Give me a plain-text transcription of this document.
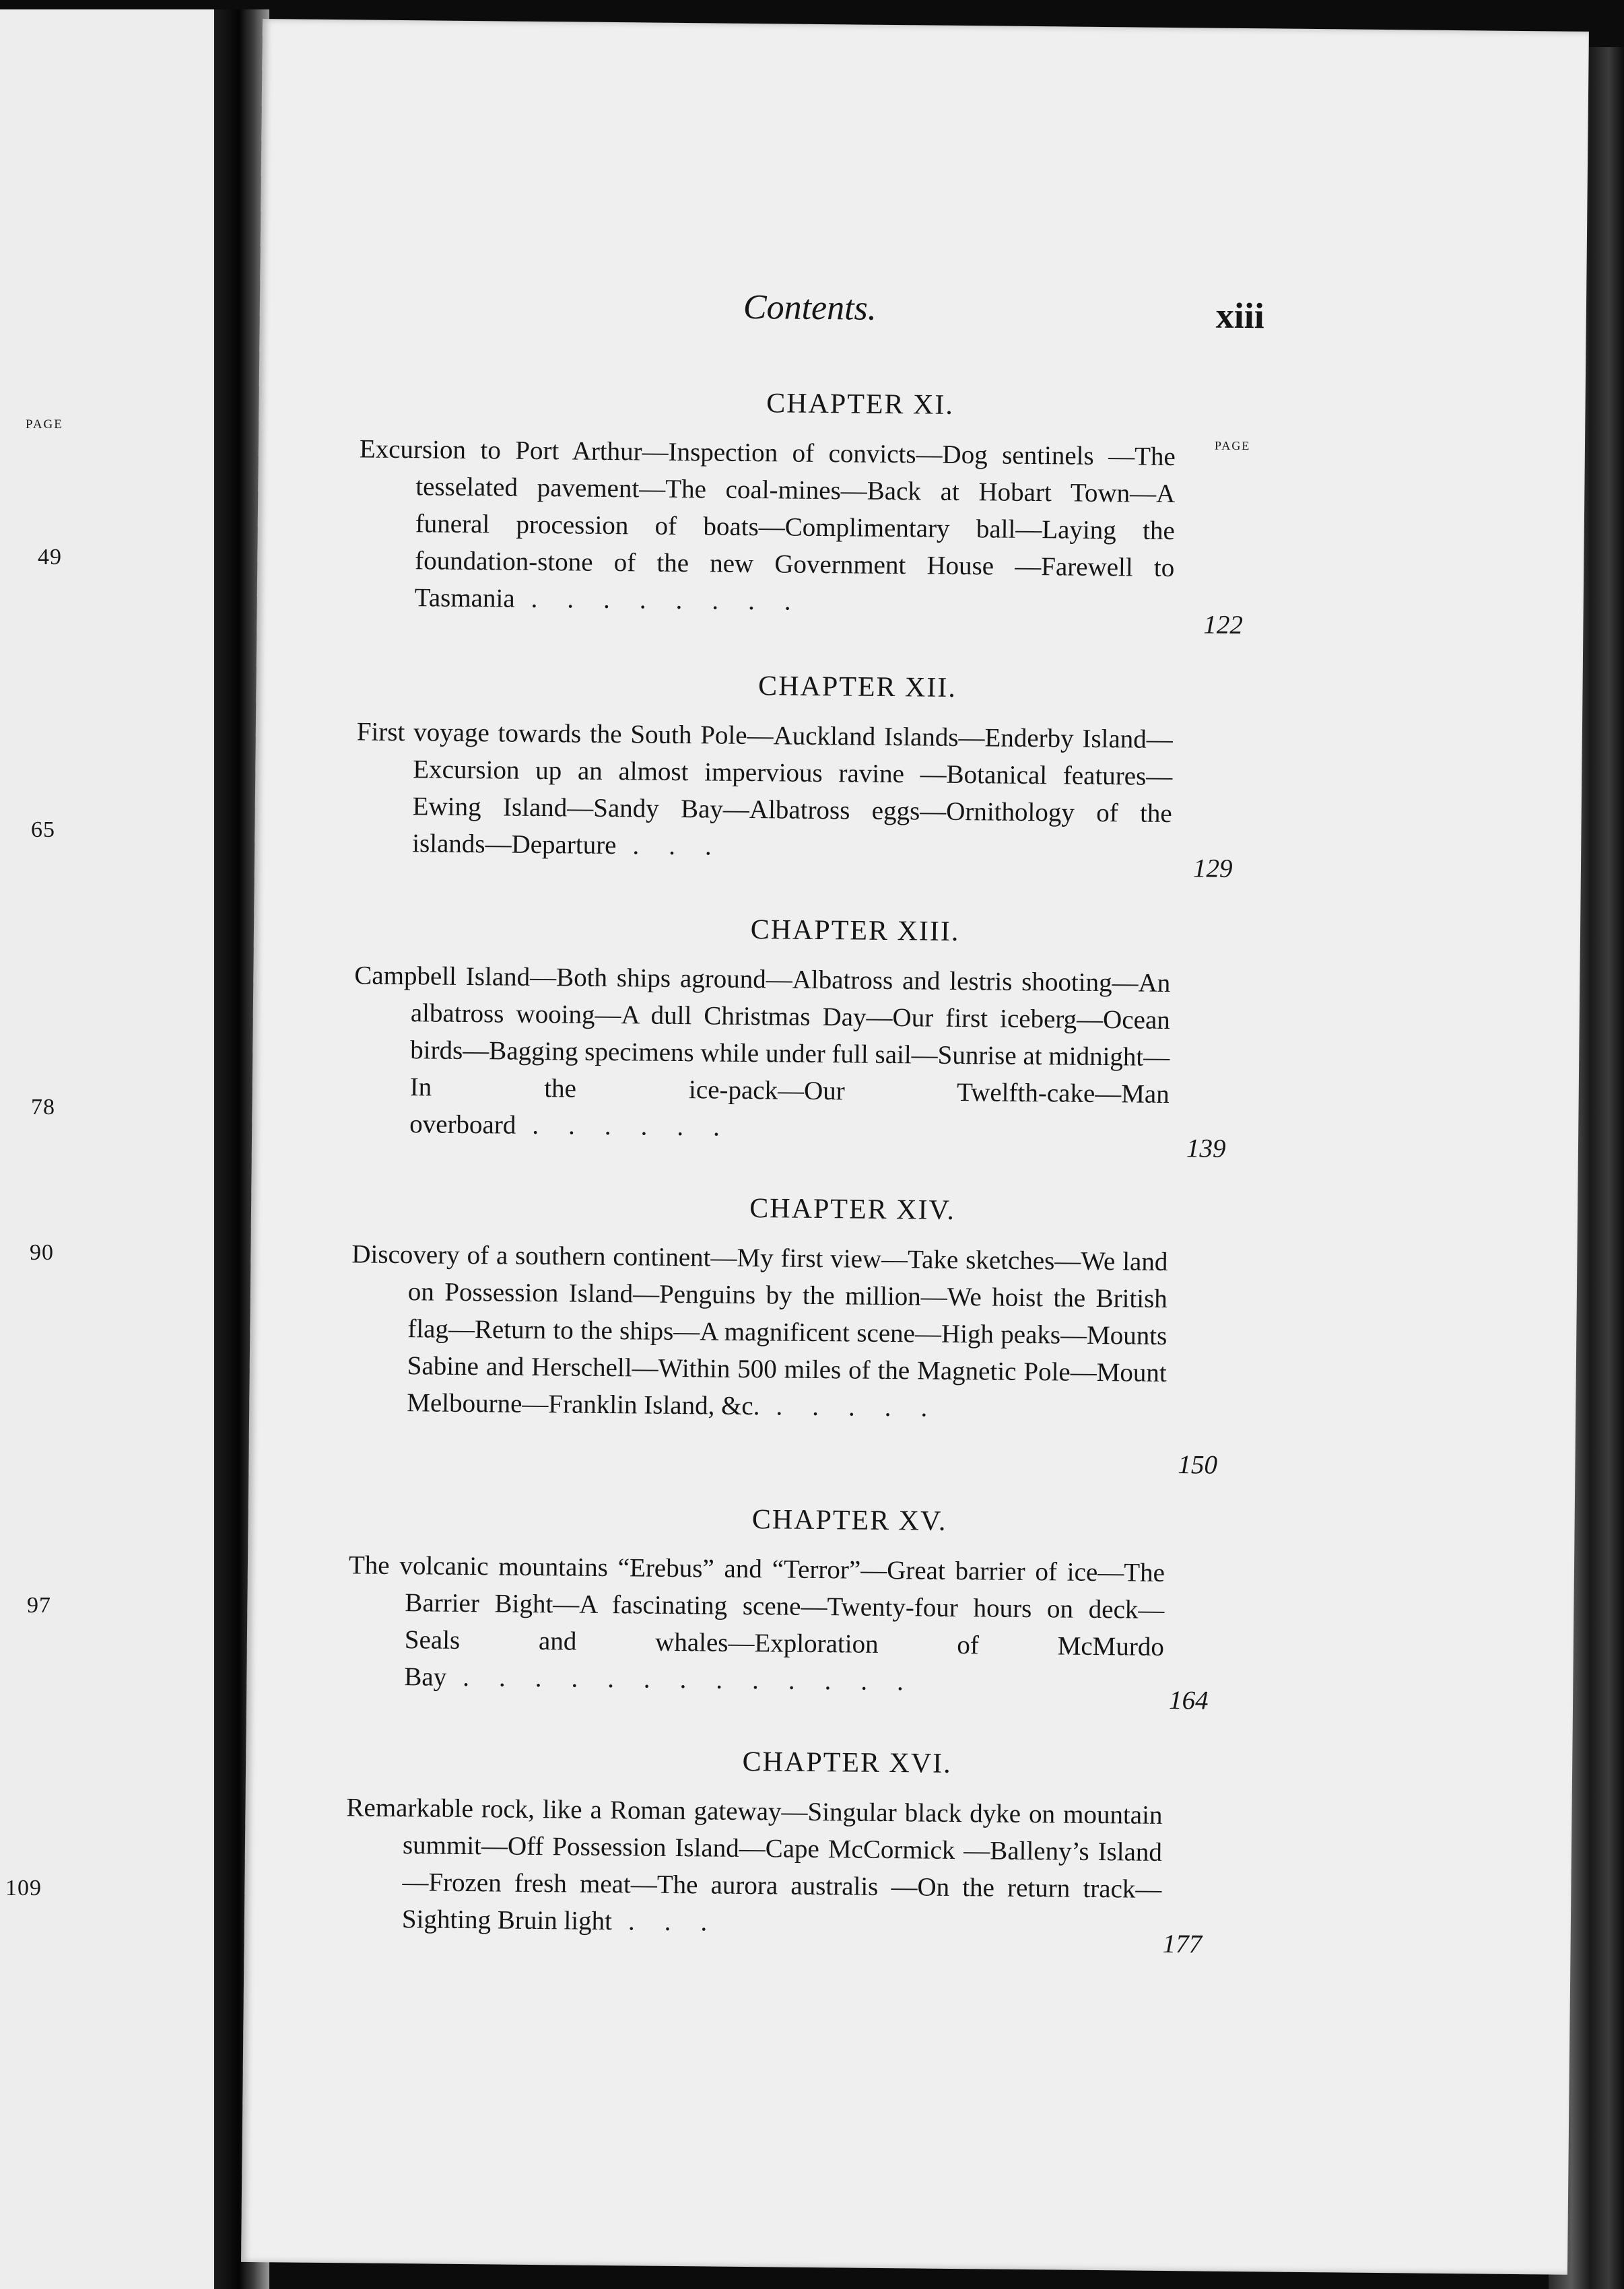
PAGE
49
65
78
90
97
109
Contents.	xiii
PAGE
CHAPTER XI.
Excursion to Port Arthur—Inspection of convicts—Dog sentinels —The tesselated pavement—The coal-mines—Back at Hobart Town—A funeral procession of boats—Complimentary ball—Laying the foundation-stone of the new Government House —Farewell to Tasmania ........
122
CHAPTER XII.
First voyage towards the South Pole—Auckland Islands—Enderby Island—Excursion up an almost impervious ravine —Botanical features—Ewing Island—Sandy Bay—Albatross eggs—Ornithology of the islands—Departure ...
129
CHAPTER XIII.
Campbell Island—Both ships aground—Albatross and lestris shooting—An albatross wooing—A dull Christmas Day—Our first iceberg—Ocean birds—Bagging specimens while under full sail—Sunrise at midnight—In the ice-pack—Our Twelfth-cake—Man overboard ......
139
CHAPTER XIV.
Discovery of a southern continent—My first view—Take sketches—We land on Possession Island—Penguins by the million—We hoist the British flag—Return to the ships—A magnificent scene—High peaks—Mounts Sabine and Herschell—Within 500 miles of the Magnetic Pole—Mount Melbourne—Franklin Island, &c. .....
150
CHAPTER XV.
The volcanic mountains “Erebus” and “Terror”—Great barrier of ice—The Barrier Bight—A fascinating scene—Twenty-four hours on deck—Seals and whales—Exploration of McMurdo Bay .............
164
CHAPTER XVI.
Remarkable rock, like a Roman gateway—Singular black dyke on mountain summit—Off Possession Island—Cape McCormick —Balleny’s Island—Frozen fresh meat—The aurora australis —On the return track—Sighting Bruin light ...
177
